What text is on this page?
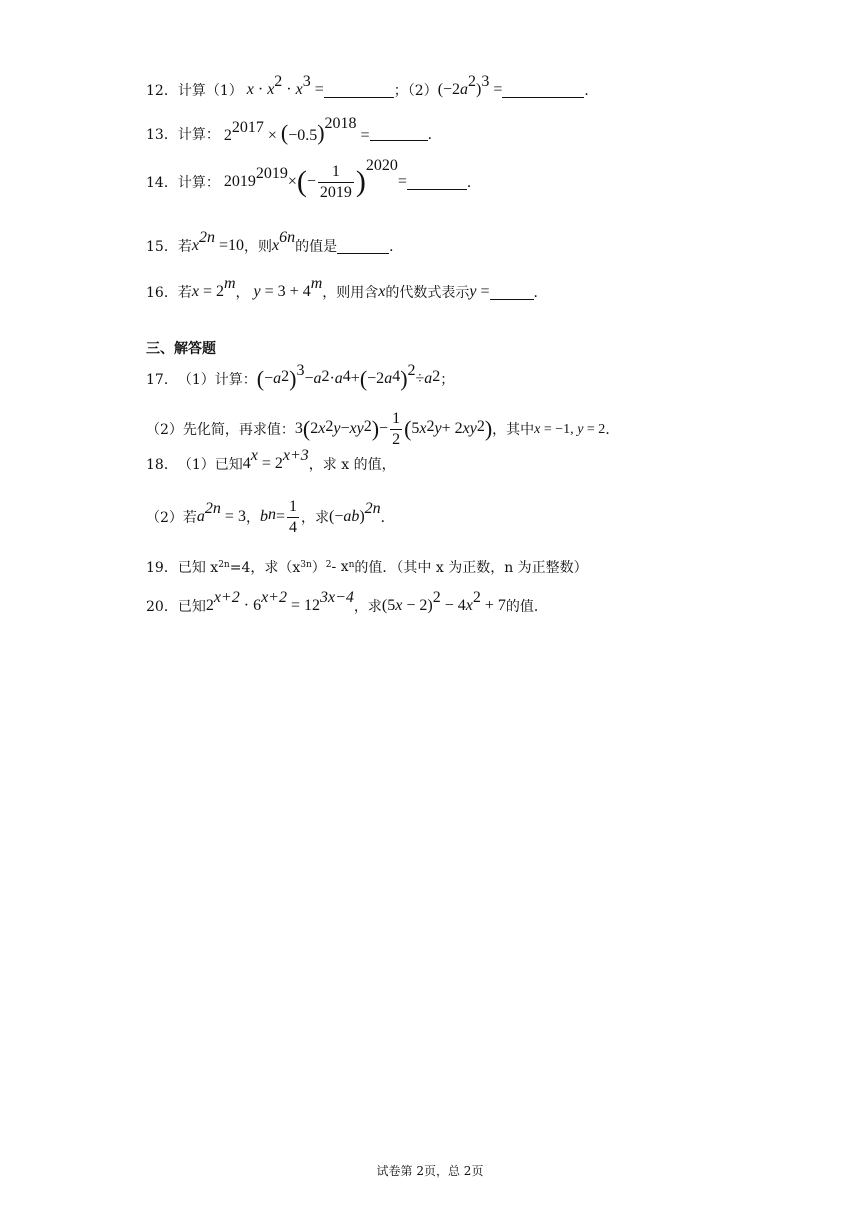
12． 计算（1） $x \cdot x^2 \cdot x^3$ =	；（2） $(-2a^2)^3$ =	．
13． 计算： $2^{2017} \times (-0.5)^{2018}$ =	．
14． 计算： $2019^{2019}$ × ( − $\frac{1}{2019} )^{2020}$
=	．
15． 若 $x^{2n} =10$ ，则 $x^{6n}$
的值是	．
16． 若 $x = 2^m$
， $y = 3 + 4^m$
，则用含 x 的代数式表示 y =	．
三、解答题
17． （1）计算： ( − $a^2$ )$^3 - a^2 \cdot a^4$ + ( −2 $a^4$ )$^2 \div a^2$ ；
（2）先化简，再求值： 3 ( 2 $x^2$ $y - xy^2$ ) − $\frac{1}{2}$ ( 5 $x^2$ y + 2 $xy^2$ ) ，其中 x = −1, y = 2 ．
18． （1）已知 $4^x = 2^{x+3}$
，求 x 的值，
（2）若 $a^{2n} = 3$ ， $b^n = \frac{1}{4}$ ，求 $(-ab)^{2n}$
．
19． 已知 $x^{2n} =4$，求（$x^{3n}$ ）$^2 - x^n$ 的值．（其中 x 为正数，n 为正整数）
20． 已知 $2^{x+2} \cdot 6^{x+2} = 12^{3x-4}$
，求 $(5x - 2)^2 - 4x^2 + 7$ 的值．
试卷第 2页，总 2页
